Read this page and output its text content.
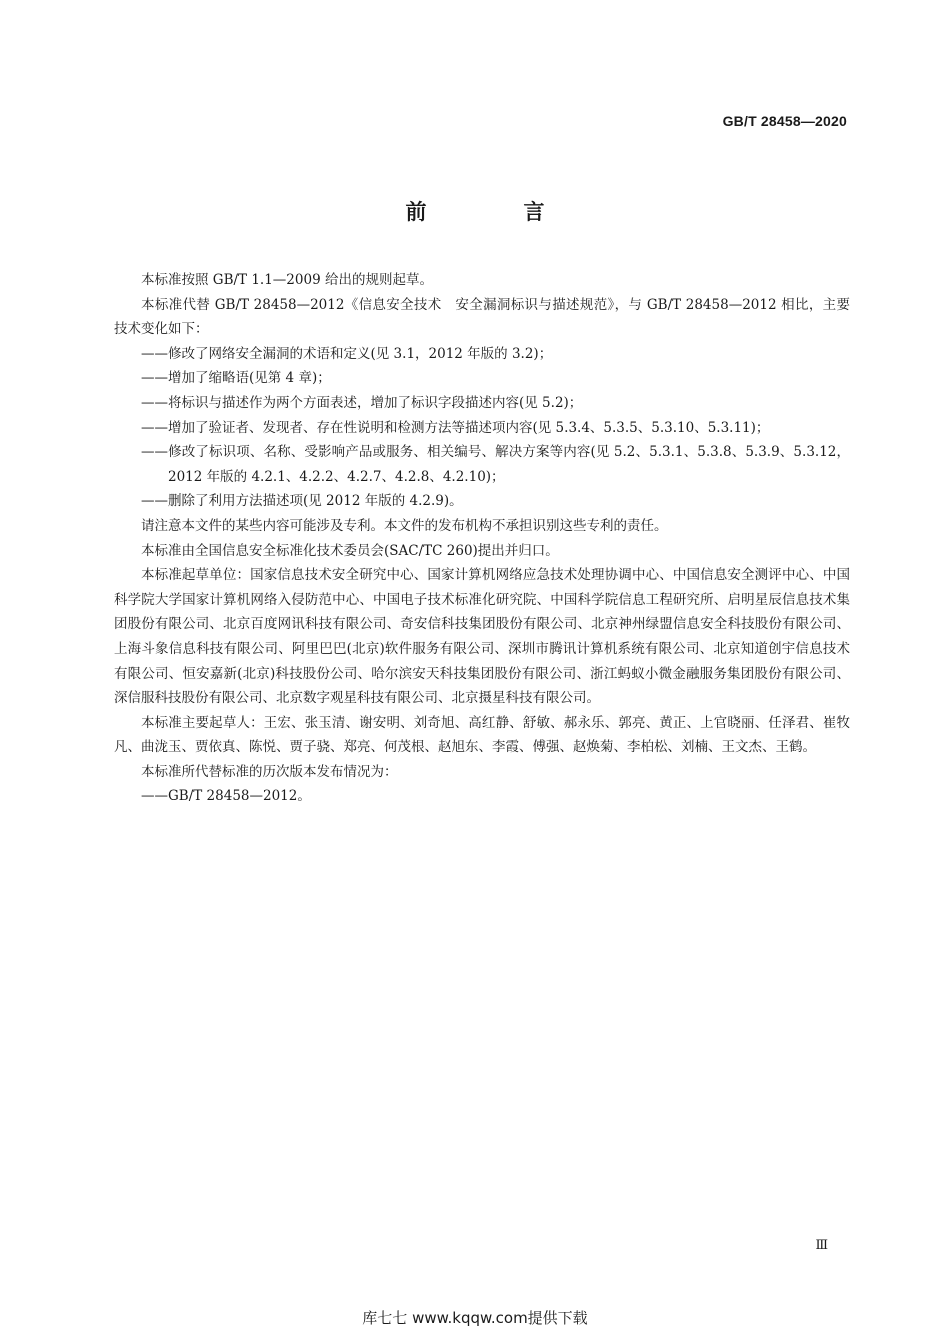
GB/T 28458—2020
前　言

本标准按照 GB/T 1.1—2009 给出的规则起草。

本标准代替 GB/T 28458—2012《信息安全技术　安全漏洞标识与描述规范》，与 GB/T 28458—2012 相比，主要技术变化如下：

——修改了网络安全漏洞的术语和定义(见 3.1，2012 年版的 3.2)；

——增加了缩略语(见第 4 章)；

——将标识与描述作为两个方面表述，增加了标识字段描述内容(见 5.2)；

——增加了验证者、发现者、存在性说明和检测方法等描述项内容(见 5.3.4、5.3.5、5.3.10、5.3.11)；

——修改了标识项、名称、受影响产品或服务、相关编号、解决方案等内容(见 5.2、5.3.1、5.3.8、5.3.9、5.3.12，2012 年版的 4.2.1、4.2.2、4.2.7、4.2.8、4.2.10)；

——删除了利用方法描述项(见 2012 年版的 4.2.9)。

请注意本文件的某些内容可能涉及专利。本文件的发布机构不承担识别这些专利的责任。

本标准由全国信息安全标准化技术委员会(SAC/TC 260)提出并归口。

本标准起草单位：国家信息技术安全研究中心、国家计算机网络应急技术处理协调中心、中国信息安全测评中心、中国科学院大学国家计算机网络入侵防范中心、中国电子技术标准化研究院、中国科学院信息工程研究所、启明星辰信息技术集团股份有限公司、北京百度网讯科技有限公司、奇安信科技集团股份有限公司、北京神州绿盟信息安全科技股份有限公司、上海斗象信息科技有限公司、阿里巴巴(北京)软件服务有限公司、深圳市腾讯计算机系统有限公司、北京知道创宇信息技术有限公司、恒安嘉新(北京)科技股份公司、哈尔滨安天科技集团股份有限公司、浙江蚂蚁小微金融服务集团股份有限公司、深信服科技股份有限公司、北京数字观星科技有限公司、北京摄星科技有限公司。

本标准主要起草人：王宏、张玉清、谢安明、刘奇旭、高红静、舒敏、郝永乐、郭亮、黄正、上官晓丽、任泽君、崔牧凡、曲泷玉、贾依真、陈悦、贾子骁、郑亮、何茂根、赵旭东、李霞、傅强、赵焕菊、李柏松、刘楠、王文杰、王鹤。

本标准所代替标准的历次版本发布情况为：

——GB/T 28458—2012。

Ⅲ
库七七 www.kqqw.com提供下载
